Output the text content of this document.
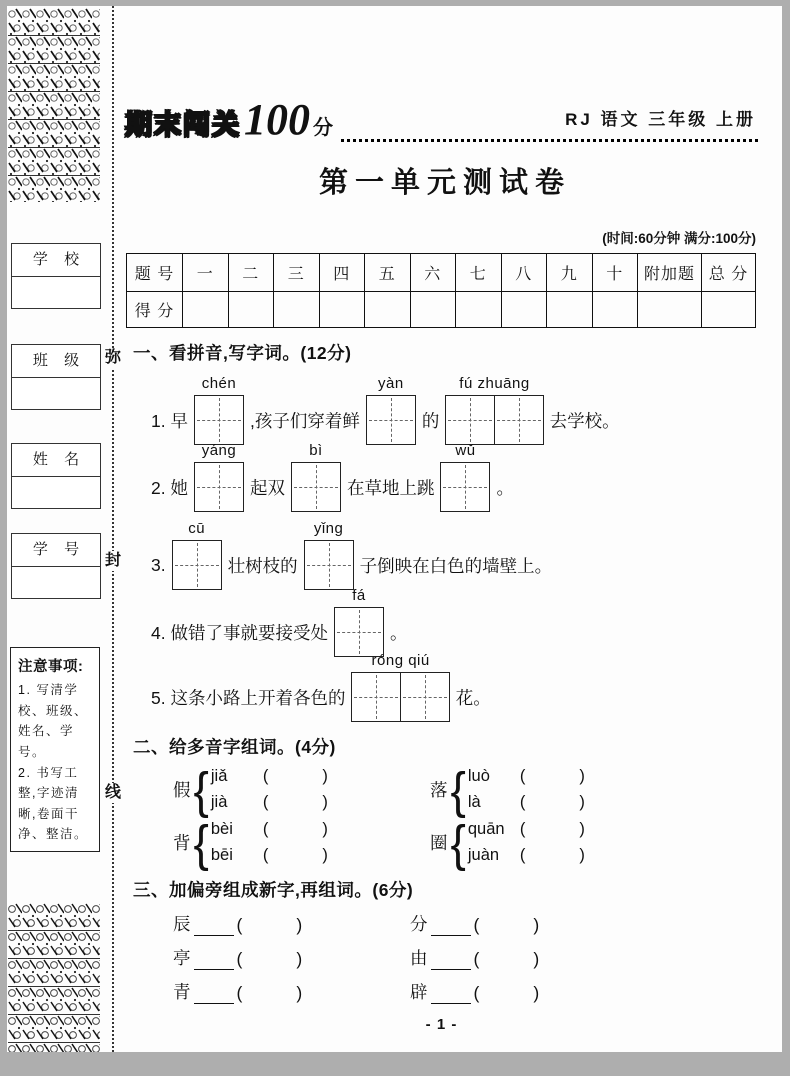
弥
封
线
学 校
班 级
姓 名
学 号
注意事项:
1. 写清学校、班级、姓名、学号。
2. 书写工整,字迹清晰,卷面干净、整洁。
期末闯关 100 分	RJ 语文 三年级 上册
第一单元测试卷
(时间:60分钟 满分:100分)
题 号	一	二	三	四	五	六	七	八	九	十	附加题	总 分
得 分												
一、看拼音,写字词。(12分)
1. 早
chén
,孩子们穿着鲜
yàn
的
fú zhuāng
去学校。
2. 她
yáng
起双
bì
在草地上跳
wǔ
。
3.
cū
壮树枝的
yǐng
子倒映在白色的墙壁上。
4. 做错了事就要接受处
fá
。
5. 这条小路上开着各色的
róng qiú
花。
二、给多音字组词。(4分)
假 { jiǎ	(	)
jià	(	)
落 { luò	(	)
là	(	)
背 { bèi	(	)
bēi	(	)
圈 { quān (	)
juàn	(	)
三、加偏旁组成新字,再组词。(6分)
辰	(	)	分	(	)
亭	(	)	由	(	)
青	(	)	辟	(	)
- 1 -
